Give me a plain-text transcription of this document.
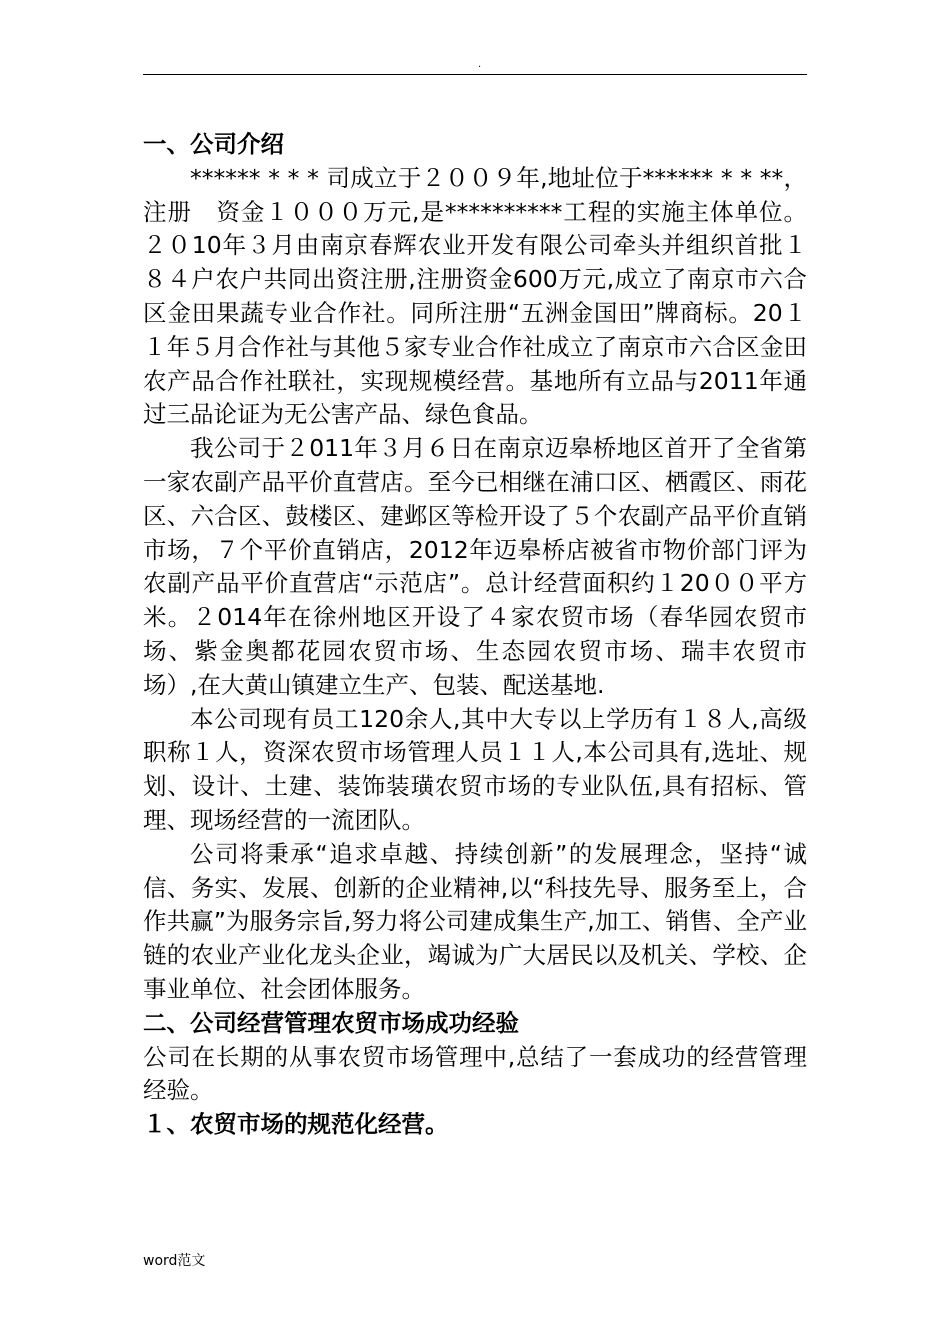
.
一、公司介绍

****** * * * 司成立于２００９年,地址位于****** * * **，注册　资金１０００万元,是**********工程的实施主体单位。２０10年３月由南京春辉农业开发有限公司牵头并组织首批１８４户农户共同出资注册,注册资金600万元,成立了南京市六合区金田果蔬专业合作社。同所注册“五洲金国田”牌商标。20１１年５月合作社与其他５家专业合作社成立了南京市六合区金田农产品合作社联社，实现规模经营。基地所有立品与2011年通过三品论证为无公害产品、绿色食品。

我公司于２011年３月６日在南京迈皋桥地区首开了全省第一家农副产品平价直营店。至今已相继在浦口区、栖霞区、雨花区、六合区、鼓楼区、建邺区等检开设了５个农副产品平价直销市场，７个平价直销店，2012年迈皋桥店被省市物价部门评为农副产品平价直营店“示范店”。总计经营面积约１20００平方米。２014年在徐州地区开设了４家农贸市场（春华园农贸市场、紫金奥都花园农贸市场、生态园农贸市场、瑞丰农贸市场）,在大黄山镇建立生产、包装、配送基地.

本公司现有员工120余人,其中大专以上学历有１８人,高级职称１人，资深农贸市场管理人员１１人,本公司具有,选址、规划、设计、土建、装饰装璜农贸市场的专业队伍,具有招标、管理、现场经营的一流团队。

公司将秉承“追求卓越、持续创新”的发展理念，坚持“诚信、务实、发展、创新的企业精神,以“科技先导、服务至上，合作共赢”为服务宗旨,努力将公司建成集生产,加工、销售、全产业链的农业产业化龙头企业，竭诚为广大居民以及机关、学校、企事业单位、社会团体服务。

二、公司经营管理农贸市场成功经验

公司在长期的从事农贸市场管理中,总结了一套成功的经营管理经验。

１、农贸市场的规范化经营。
word范文
